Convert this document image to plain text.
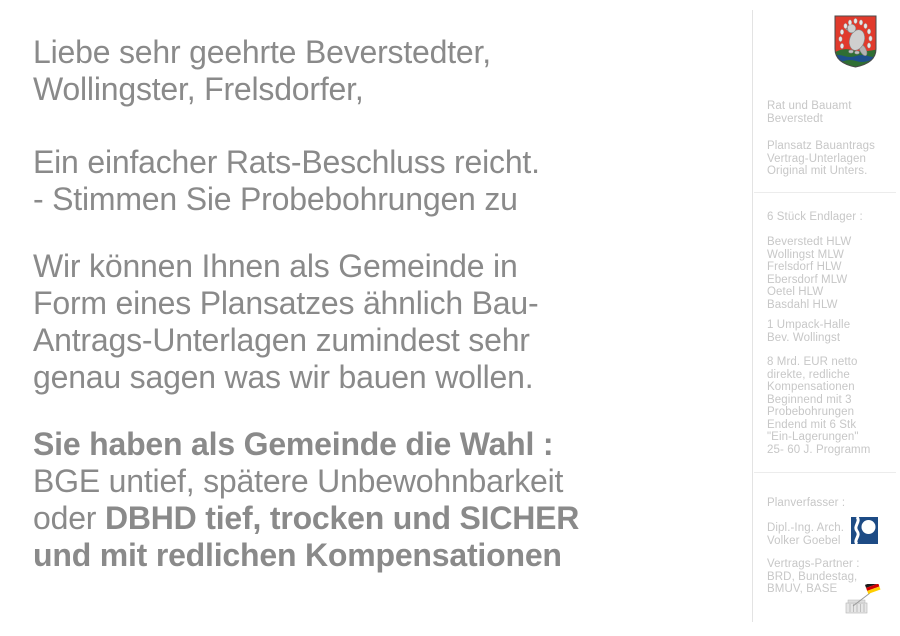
Liebe sehr geehrte Beverstedter,
Wollingster, Frelsdorfer,
Ein einfacher Rats-Beschluss reicht.
- Stimmen Sie Probebohrungen zu
Wir können Ihnen als Gemeinde in
Form eines Plansatzes ähnlich Bau-
Antrags-Unterlagen zumindest sehr
genau sagen was wir bauen wollen.
Sie haben als Gemeinde die Wahl :
BGE untief, spätere Unbewohnbarkeit
oder DBHD tief, trocken und SICHER
und mit redlichen Kompensationen
Rat und Bauamt
Beverstedt
Plansatz Bauantrags
Vertrag-Unterlagen
Original mit Unters.
6 Stück Endlager :
Beverstedt HLW
Wollingst MLW
Frelsdorf HLW
Ebersdorf MLW
Oetel HLW
Basdahl HLW
1 Umpack-Halle
Bev. Wollingst
8 Mrd. EUR netto
direkte, redliche
Kompensationen
Beginnend mit 3
Probebohrungen
Endend mit 6 Stk
"Ein-Lagerungen"
25- 60 J. Programm
Planverfasser :
Dipl.-Ing. Arch.
Volker Goebel
Vertrags-Partner :
BRD, Bundestag,
BMUV, BASE
